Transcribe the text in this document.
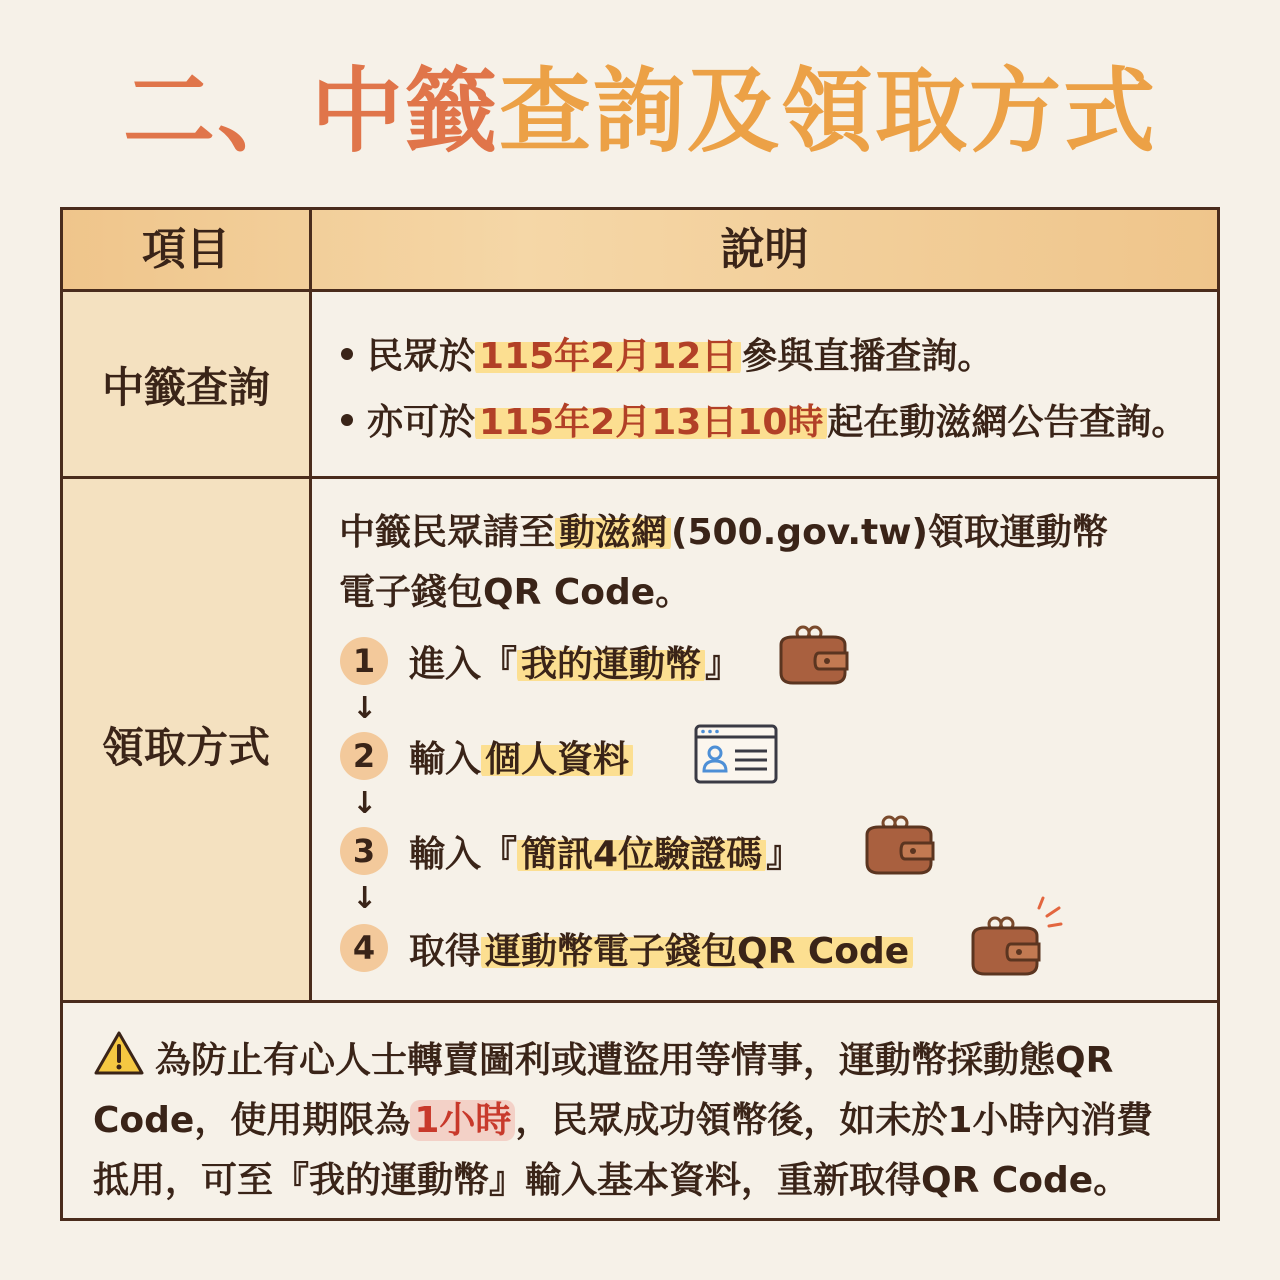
二、中籤查詢及領取方式
項目	說明
中籤查詢
民眾於 115年2月12日 參與直播查詢。
亦可於 115年2月13日10時 起在動滋網公告查詢。
領取方式
中籤民眾請至 動滋網 (500.gov.tw)領取運動幣
電子錢包QR Code。
1 進入『 我的運動幣 』
↓
2 輸入 個人資料
↓
3 輸入『 簡訊4位驗證碼 』
↓
4 取得 運動幣電子錢包QR Code
為防止有心人士轉賣圖利或遭盜用等情事，運動幣採動態QR
Code，使用期限為 1小時 ，民眾成功領幣後，如未於1小時內消費
抵用，可至『我的運動幣』輸入基本資料，重新取得QR Code。
